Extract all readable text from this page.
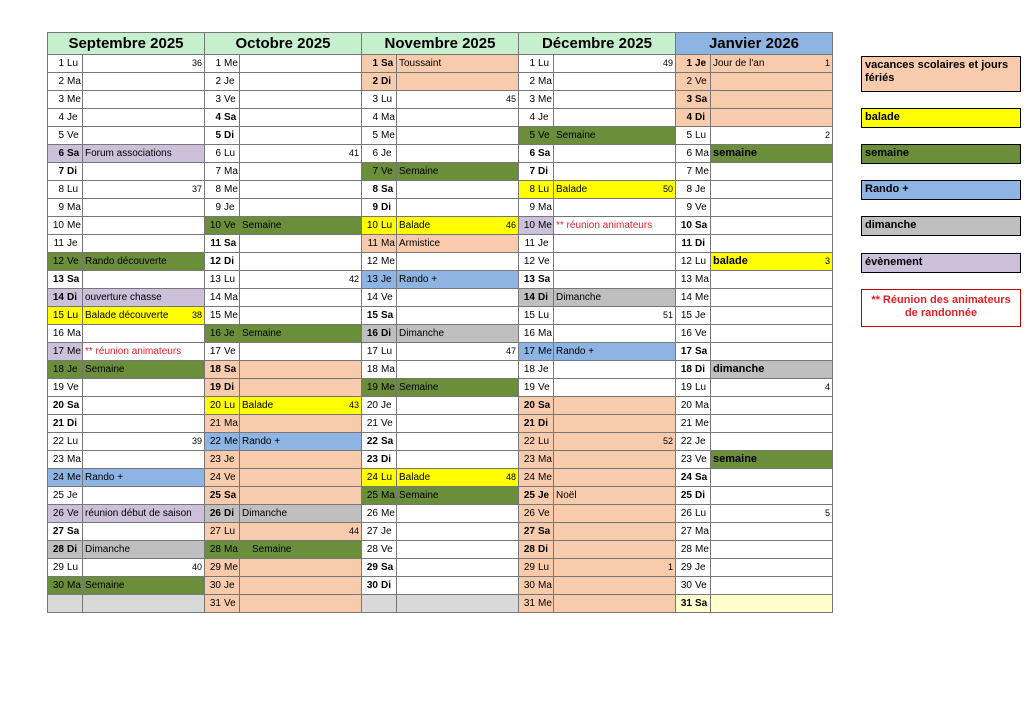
Septembre 2025		Octobre 2025		Novembre 2025		Décembre 2025		Janvier 2026	
1 Lu	36	1 Me		1 Sa	Toussaint	1 Lu	49	1 Je	Jour de l'an 1

2 Ma		2 Je		2 Di		2 Ma		2 Ve	
3 Me		3 Ve		3 Lu	45	3 Me		3 Sa	
4 Je		4 Sa		4 Ma		4 Je		4 Di	
5 Ve		5 Di		5 Me		5 Ve	Semaine	5 Lu	2

6 Sa	Forum associations	6 Lu	41	6 Je		6 Sa		6 Ma	semaine
7 Di		7 Ma		7 Ve	Semaine	7 Di		7 Me	
8 Lu	37	8 Me		8 Sa		8 Lu	Balade 50	8 Je	
9 Ma		9 Je		9 Di		9 Ma		9 Ve	
10 Me		10 Ve	Semaine	10 Lu	Balade 46	10 Me	** réunion animateurs	10 Sa	
11 Je		11 Sa		11 Ma	Armistice	11 Je		11 Di	
12 Ve	Rando découverte	12 Di		12 Me		12 Ve		12 Lu	balade 3

13 Sa		13 Lu	42	13 Je	Rando +	13 Sa		13 Ma	
14 Di	ouverture chasse	14 Ma		14 Ve		14 Di	Dimanche	14 Me	
15 Lu	Balade découverte 38	15 Me		15 Sa		15 Lu	51	15 Je	
16 Ma		16 Je	Semaine	16 Di	Dimanche	16 Ma		16 Ve	
17 Me	** réunion animateurs	17 Ve		17 Lu	47	17 Me	Rando +	17 Sa	
18 Je	Semaine	18 Sa		18 Ma		18 Je		18 Di	dimanche
19 Ve		19 Di		19 Me	Semaine	19 Ve		19 Lu	4

20 Sa		20 Lu	Balade 43	20 Je		20 Sa		20 Ma	
21 Di		21 Ma		21 Ve		21 Di		21 Me	
22 Lu	39	22 Me	Rando +	22 Sa		22 Lu	52	22 Je	
23 Ma		23 Je		23 Di		23 Ma		23 Ve	semaine
24 Me	Rando +	24 Ve		24 Lu	Balade 48	24 Me		24 Sa	
25 Je		25 Sa		25 Ma	Semaine	25 Je	Noël	25 Di	
26 Ve	réunion début de saison	26 Di	Dimanche	26 Me		26 Ve		26 Lu	5

27 Sa		27 Lu	44	27 Je		27 Sa		27 Ma	
28 Di	Dimanche	28 Ma	Semaine	28 Ve		28 Di		28 Me	
29 Lu	40	29 Me		29 Sa		29 Lu	1	29 Je	
30 Ma	Semaine	30 Je		30 Di		30 Ma		30 Ve	
		31 Ve				31 Me		31 Sa	
vacances scolaires et jours fériés
balade
semaine
Rando +
dimanche
évènement
** Réunion des animateurs de randonnée
